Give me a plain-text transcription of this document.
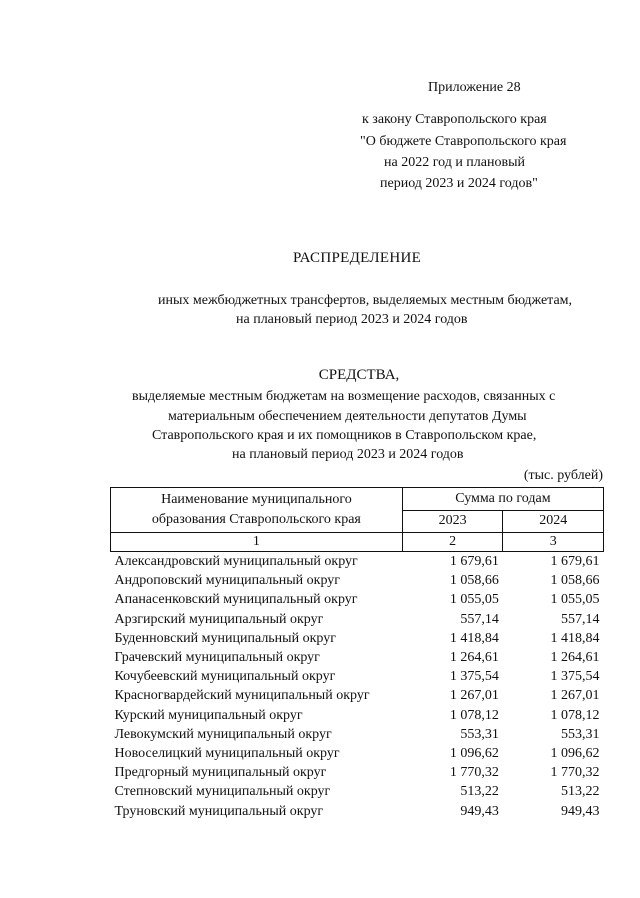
Приложение 28
к закону Ставропольского края
"О бюджете Ставропольского края
на 2022 год и плановый
период 2023 и 2024 годов"
РАСПРЕДЕЛЕНИЕ
иных межбюджетных трансфертов, выделяемых местным бюджетам,
на плановый период 2023 и 2024 годов
СРЕДСТВА,
выделяемые местным бюджетам на возмещение расходов, связанных с
материальным обеспечением деятельности депутатов Думы
Ставропольского края и их помощников в Ставропольском крае,
на плановый период 2023 и 2024 годов
(тыс. рублей)
Наименование муниципального
образования Ставропольского края	Сумма по годам	
	2023	2024
1	2	3
Александровский муниципальный округ	1 679,61	1 679,61
Андроповский муниципальный округ	1 058,66	1 058,66
Апанасенковский муниципальный округ	1 055,05	1 055,05
Арзгирский муниципальный округ	557,14	557,14
Буденновский муниципальный округ	1 418,84	1 418,84
Грачевский муниципальный округ	1 264,61	1 264,61
Кочубеевский муниципальный округ	1 375,54	1 375,54
Красногвардейский муниципальный округ	1 267,01	1 267,01
Курский муниципальный округ	1 078,12	1 078,12
Левокумский муниципальный округ	553,31	553,31
Новоселицкий муниципальный округ	1 096,62	1 096,62
Предгорный муниципальный округ	1 770,32	1 770,32
Степновский муниципальный округ	513,22	513,22
Труновский муниципальный округ	949,43	949,43
